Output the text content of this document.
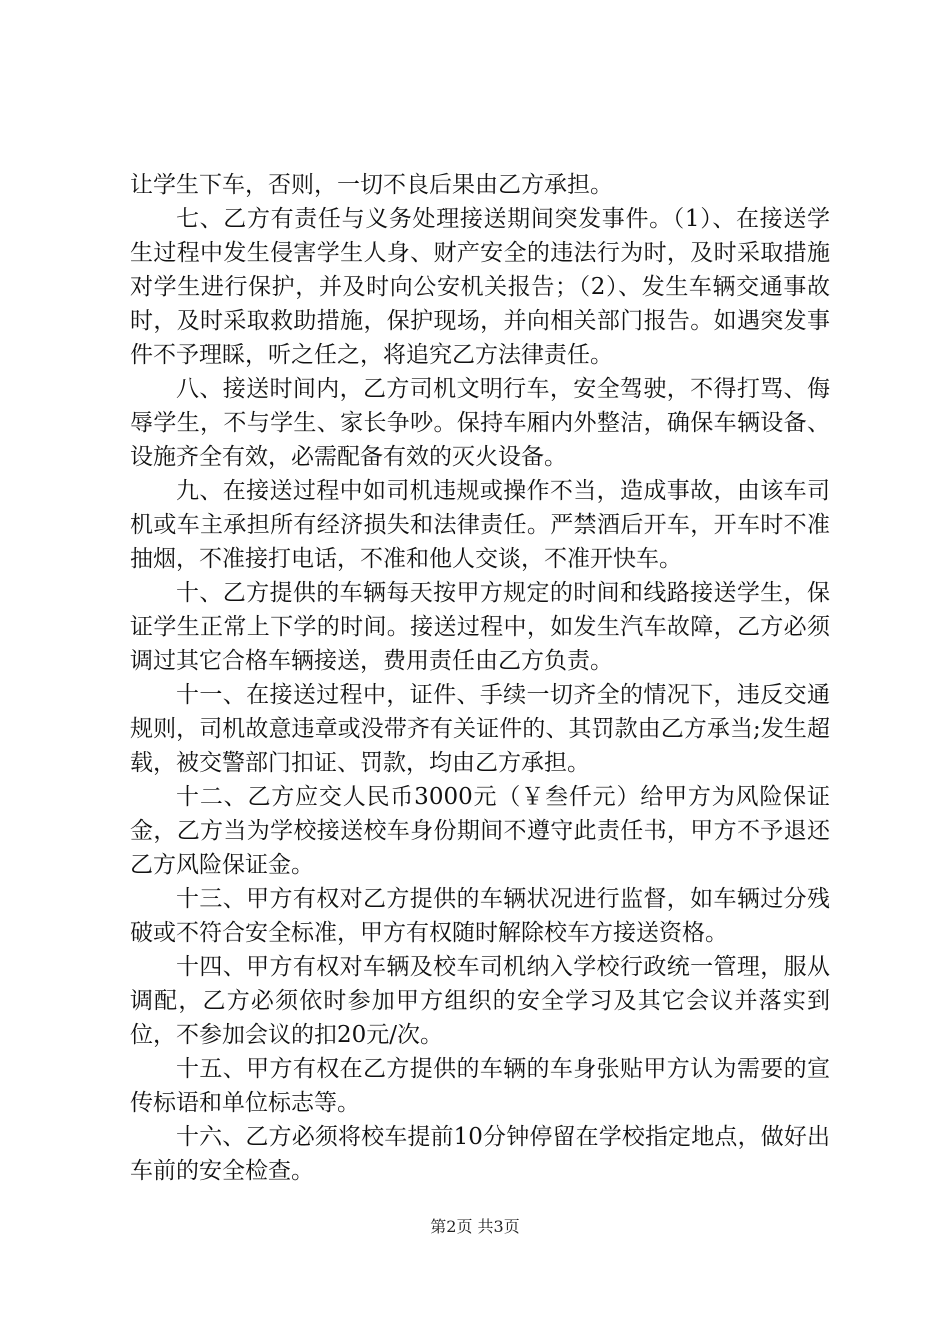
让学生下车，否则，一切不良后果由乙方承担。

七、乙方有责任与义务处理接送期间突发事件。（1）、在接送学生过程中发生侵害学生人身、财产安全的违法行为时，及时采取措施对学生进行保护，并及时向公安机关报告；（2）、发生车辆交通事故时，及时采取救助措施，保护现场，并向相关部门报告。如遇突发事件不予理睬，听之任之，将追究乙方法律责任。

八、接送时间内，乙方司机文明行车，安全驾驶，不得打骂、侮辱学生，不与学生、家长争吵。保持车厢内外整洁，确保车辆设备、设施齐全有效，必需配备有效的灭火设备。

九、在接送过程中如司机违规或操作不当，造成事故，由该车司机或车主承担所有经济损失和法律责任。严禁酒后开车，开车时不准抽烟，不准接打电话，不准和他人交谈，不准开快车。

十、乙方提供的车辆每天按甲方规定的时间和线路接送学生，保证学生正常上下学的时间。接送过程中，如发生汽车故障，乙方必须调过其它合格车辆接送，费用责任由乙方负责。

十一、在接送过程中，证件、手续一切齐全的情况下，违反交通规则，司机故意违章或没带齐有关证件的、其罚款由乙方承当;发生超载，被交警部门扣证、罚款，均由乙方承担。

十二、乙方应交人民币3000元（￥叁仟元）给甲方为风险保证金，乙方当为学校接送校车身份期间不遵守此责任书，甲方不予退还乙方风险保证金。

十三、甲方有权对乙方提供的车辆状况进行监督，如车辆过分残破或不符合安全标准，甲方有权随时解除校车方接送资格。

十四、甲方有权对车辆及校车司机纳入学校行政统一管理，服从调配，乙方必须依时参加甲方组织的安全学习及其它会议并落实到位，不参加会议的扣20元/次。

十五、甲方有权在乙方提供的车辆的车身张贴甲方认为需要的宣传标语和单位标志等。

十六、乙方必须将校车提前10分钟停留在学校指定地点，做好出车前的安全检查。

第2页 共3页
